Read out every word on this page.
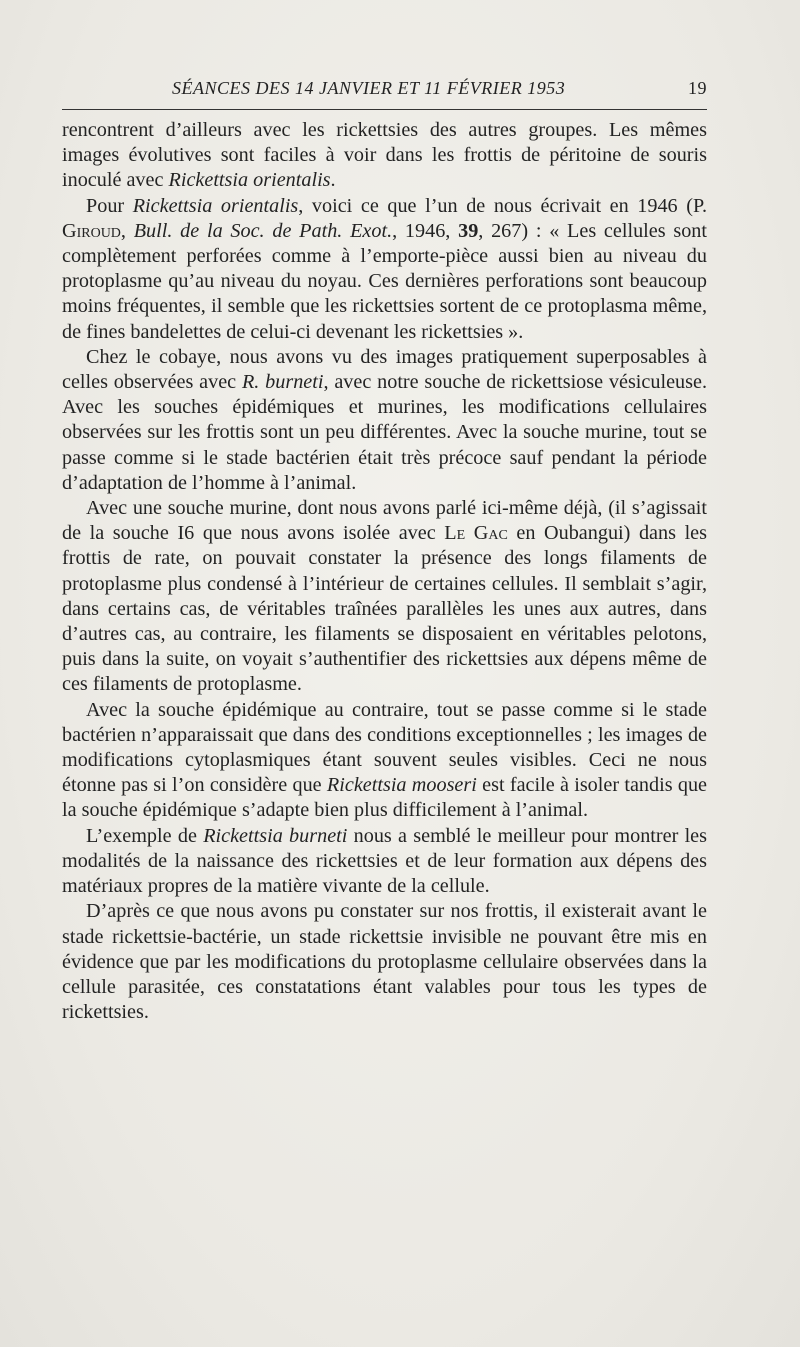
SÉANCES DES 14 JANVIER ET 11 FÉVRIER 1953	19

rencontrent d’ailleurs avec les rickettsies des autres groupes. Les mêmes images évolutives sont faciles à voir dans les frottis de péritoine de souris inoculé avec Rickettsia orientalis.

Pour Rickettsia orientalis, voici ce que l’un de nous écrivait en 1946 (P. Giroud, Bull. de la Soc. de Path. Exot., 1946, 39, 267) : « Les cellules sont complètement perforées comme à l’emporte-pièce aussi bien au niveau du protoplasme qu’au niveau du noyau. Ces dernières perforations sont beaucoup moins fréquentes, il semble que les rickettsies sortent de ce protoplasma même, de fines bandelettes de celui-ci devenant les rickettsies ».

Chez le cobaye, nous avons vu des images pratiquement superposables à celles observées avec R. burneti, avec notre souche de rickettsiose vésiculeuse. Avec les souches épidémiques et murines, les modifications cellulaires observées sur les frottis sont un peu différentes. Avec la souche murine, tout se passe comme si le stade bactérien était très précoce sauf pendant la période d’adaptation de l’homme à l’animal.

Avec une souche murine, dont nous avons parlé ici-même déjà, (il s’agissait de la souche I6 que nous avons isolée avec Le Gac en Oubangui) dans les frottis de rate, on pouvait constater la présence des longs filaments de protoplasme plus condensé à l’intérieur de certaines cellules. Il semblait s’agir, dans certains cas, de véritables traînées parallèles les unes aux autres, dans d’autres cas, au contraire, les filaments se disposaient en véritables pelotons, puis dans la suite, on voyait s’authentifier des rickettsies aux dépens même de ces filaments de protoplasme.

Avec la souche épidémique au contraire, tout se passe comme si le stade bactérien n’apparaissait que dans des conditions exceptionnelles ; les images de modifications cytoplasmiques étant souvent seules visibles. Ceci ne nous étonne pas si l’on considère que Rickettsia mooseri est facile à isoler tandis que la souche épidémique s’adapte bien plus difficilement à l’animal.

L’exemple de Rickettsia burneti nous a semblé le meilleur pour montrer les modalités de la naissance des rickettsies et de leur formation aux dépens des matériaux propres de la matière vivante de la cellule.

D’après ce que nous avons pu constater sur nos frottis, il existerait avant le stade rickettsie-bactérie, un stade rickettsie invisible ne pouvant être mis en évidence que par les modifications du protoplasme cellulaire observées dans la cellule parasitée, ces constatations étant valables pour tous les types de rickettsies.
